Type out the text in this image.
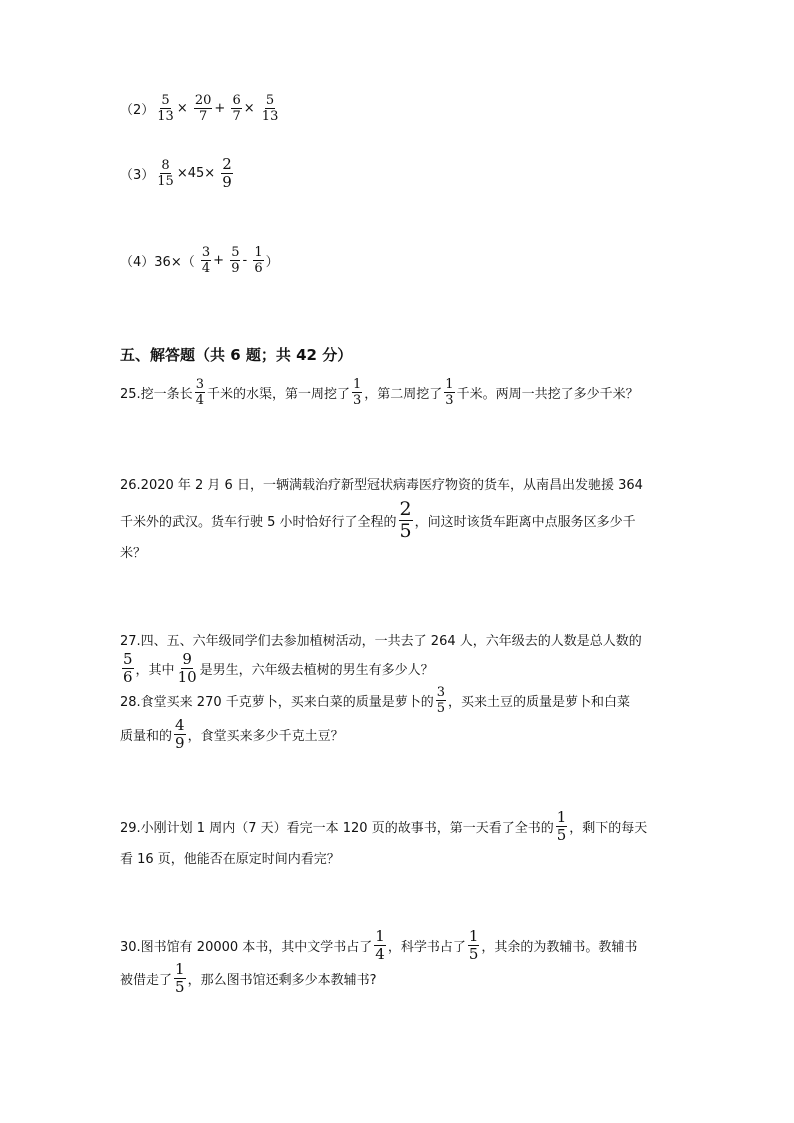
$(2) \frac{5}{13}$ ×
$\frac{20}{7}$ +
$\frac{6}{7}$ ×
$\frac{5}{13}$
$(3) \frac{8}{15} \times 45\times$
$\frac{2}{9}$
（4） 36×（
$\frac{3}{4}$ +
$\frac{5}{9}$ -
$\frac{1}{6}$ ）
五、解答题（共 6 题；共 42 分）
25.挖一条长 $\frac{3}{4}$ 千米的水渠，第一周挖了 $\frac{1}{3}$ ，第二周挖了 $\frac{1}{3}$ 千米。两周一共挖了多少千米？
26.2020 年 2 月 6 日，一辆满载治疗新型冠状病毒医疗物资的货车，从南昌出发驰援 364
千米外的武汉。货车行驶 5 小时恰好行了全程的 $\frac{2}{5}$ ，问这时该货车距离中点服务区多少千
米？
27.四、五、六年级同学们去参加植树活动，一共去了 264 人，六年级去的人数是总人数的
$\frac{5}{6}$ ，其中 $\frac{9}{10}$ 是男生，六年级去植树的男生有多少人？
28.食堂买来 270 千克萝卜，买来白菜的质量是萝卜的 $\frac{3}{5}$ ，买来土豆的质量是萝卜和白菜
质量和的 $\frac{4}{9}$ ，食堂买来多少千克土豆？
29.小刚计划 1 周内（7 天）看完一本 120 页的故事书，第一天看了全书的 $\frac{1}{5}$ ，剩下的每天
看 16 页，他能否在原定时间内看完？
30.图书馆有 20000 本书，其中文学书占了 $\frac{1}{4}$ ，科学书占了 $\frac{1}{5}$ ，其余的为教辅书。教辅书
被借走了 $\frac{1}{5}$ ，那么图书馆还剩多少本教辅书?
